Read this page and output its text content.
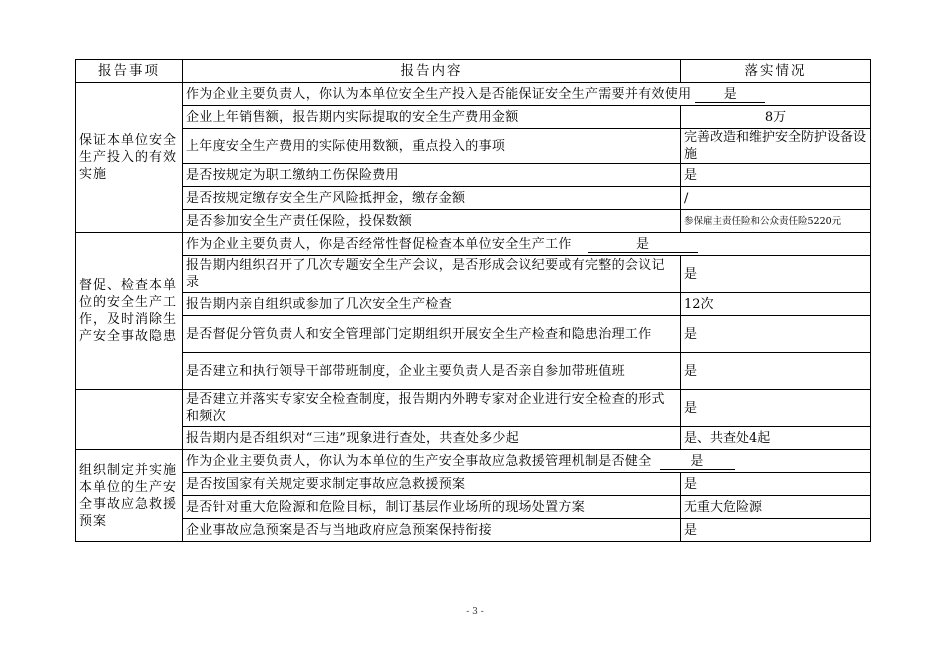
报告事项	报告内容	落实情况
保证本单位安全生产投入的有效实施	作为企业主要负责人，你认为本单位安全生产投入是否能保证安全生产需要并有效使用 是	
	企业上年销售额，报告期内实际提取的安全生产费用金额	8万
	上年度安全生产费用的实际使用数额，重点投入的事项	完善改造和维护安全防护设备设施
	是否按规定为职工缴纳工伤保险费用	是
	是否按规定缴存安全生产风险抵押金，缴存金额	/
	是否参加安全生产责任保险，投保数额	参保雇主责任险和公众责任险5220元
督促、检查本单位的安全生产工作，及时消除生产安全事故隐患	作为企业主要负责人，你是否经常性督促检查本单位安全生产工作 是	
	报告期内组织召开了几次专题安全生产会议，是否形成会议纪要或有完整的会议记录	是
	报告期内亲自组织或参加了几次安全生产检查	12次
	是否督促分管负责人和安全管理部门定期组织开展安全生产检查和隐患治理工作	是
	是否建立和执行领导干部带班制度，企业主要负责人是否亲自参加带班值班	是
	是否建立并落实专家安全检查制度，报告期内外聘专家对企业进行安全检查的形式和频次	是
	报告期内是否组织对“三违”现象进行查处，共查处多少起	是、共查处4起
组织制定并实施本单位的生产安全事故应急救援预案	作为企业主要负责人，你认为本单位的生产安全事故应急救援管理机制是否健全 是	
	是否按国家有关规定要求制定事故应急救援预案	是
	是否针对重大危险源和危险目标，制订基层作业场所的现场处置方案	无重大危险源
	企业事故应急预案是否与当地政府应急预案保持衔接	是
- 3 -
